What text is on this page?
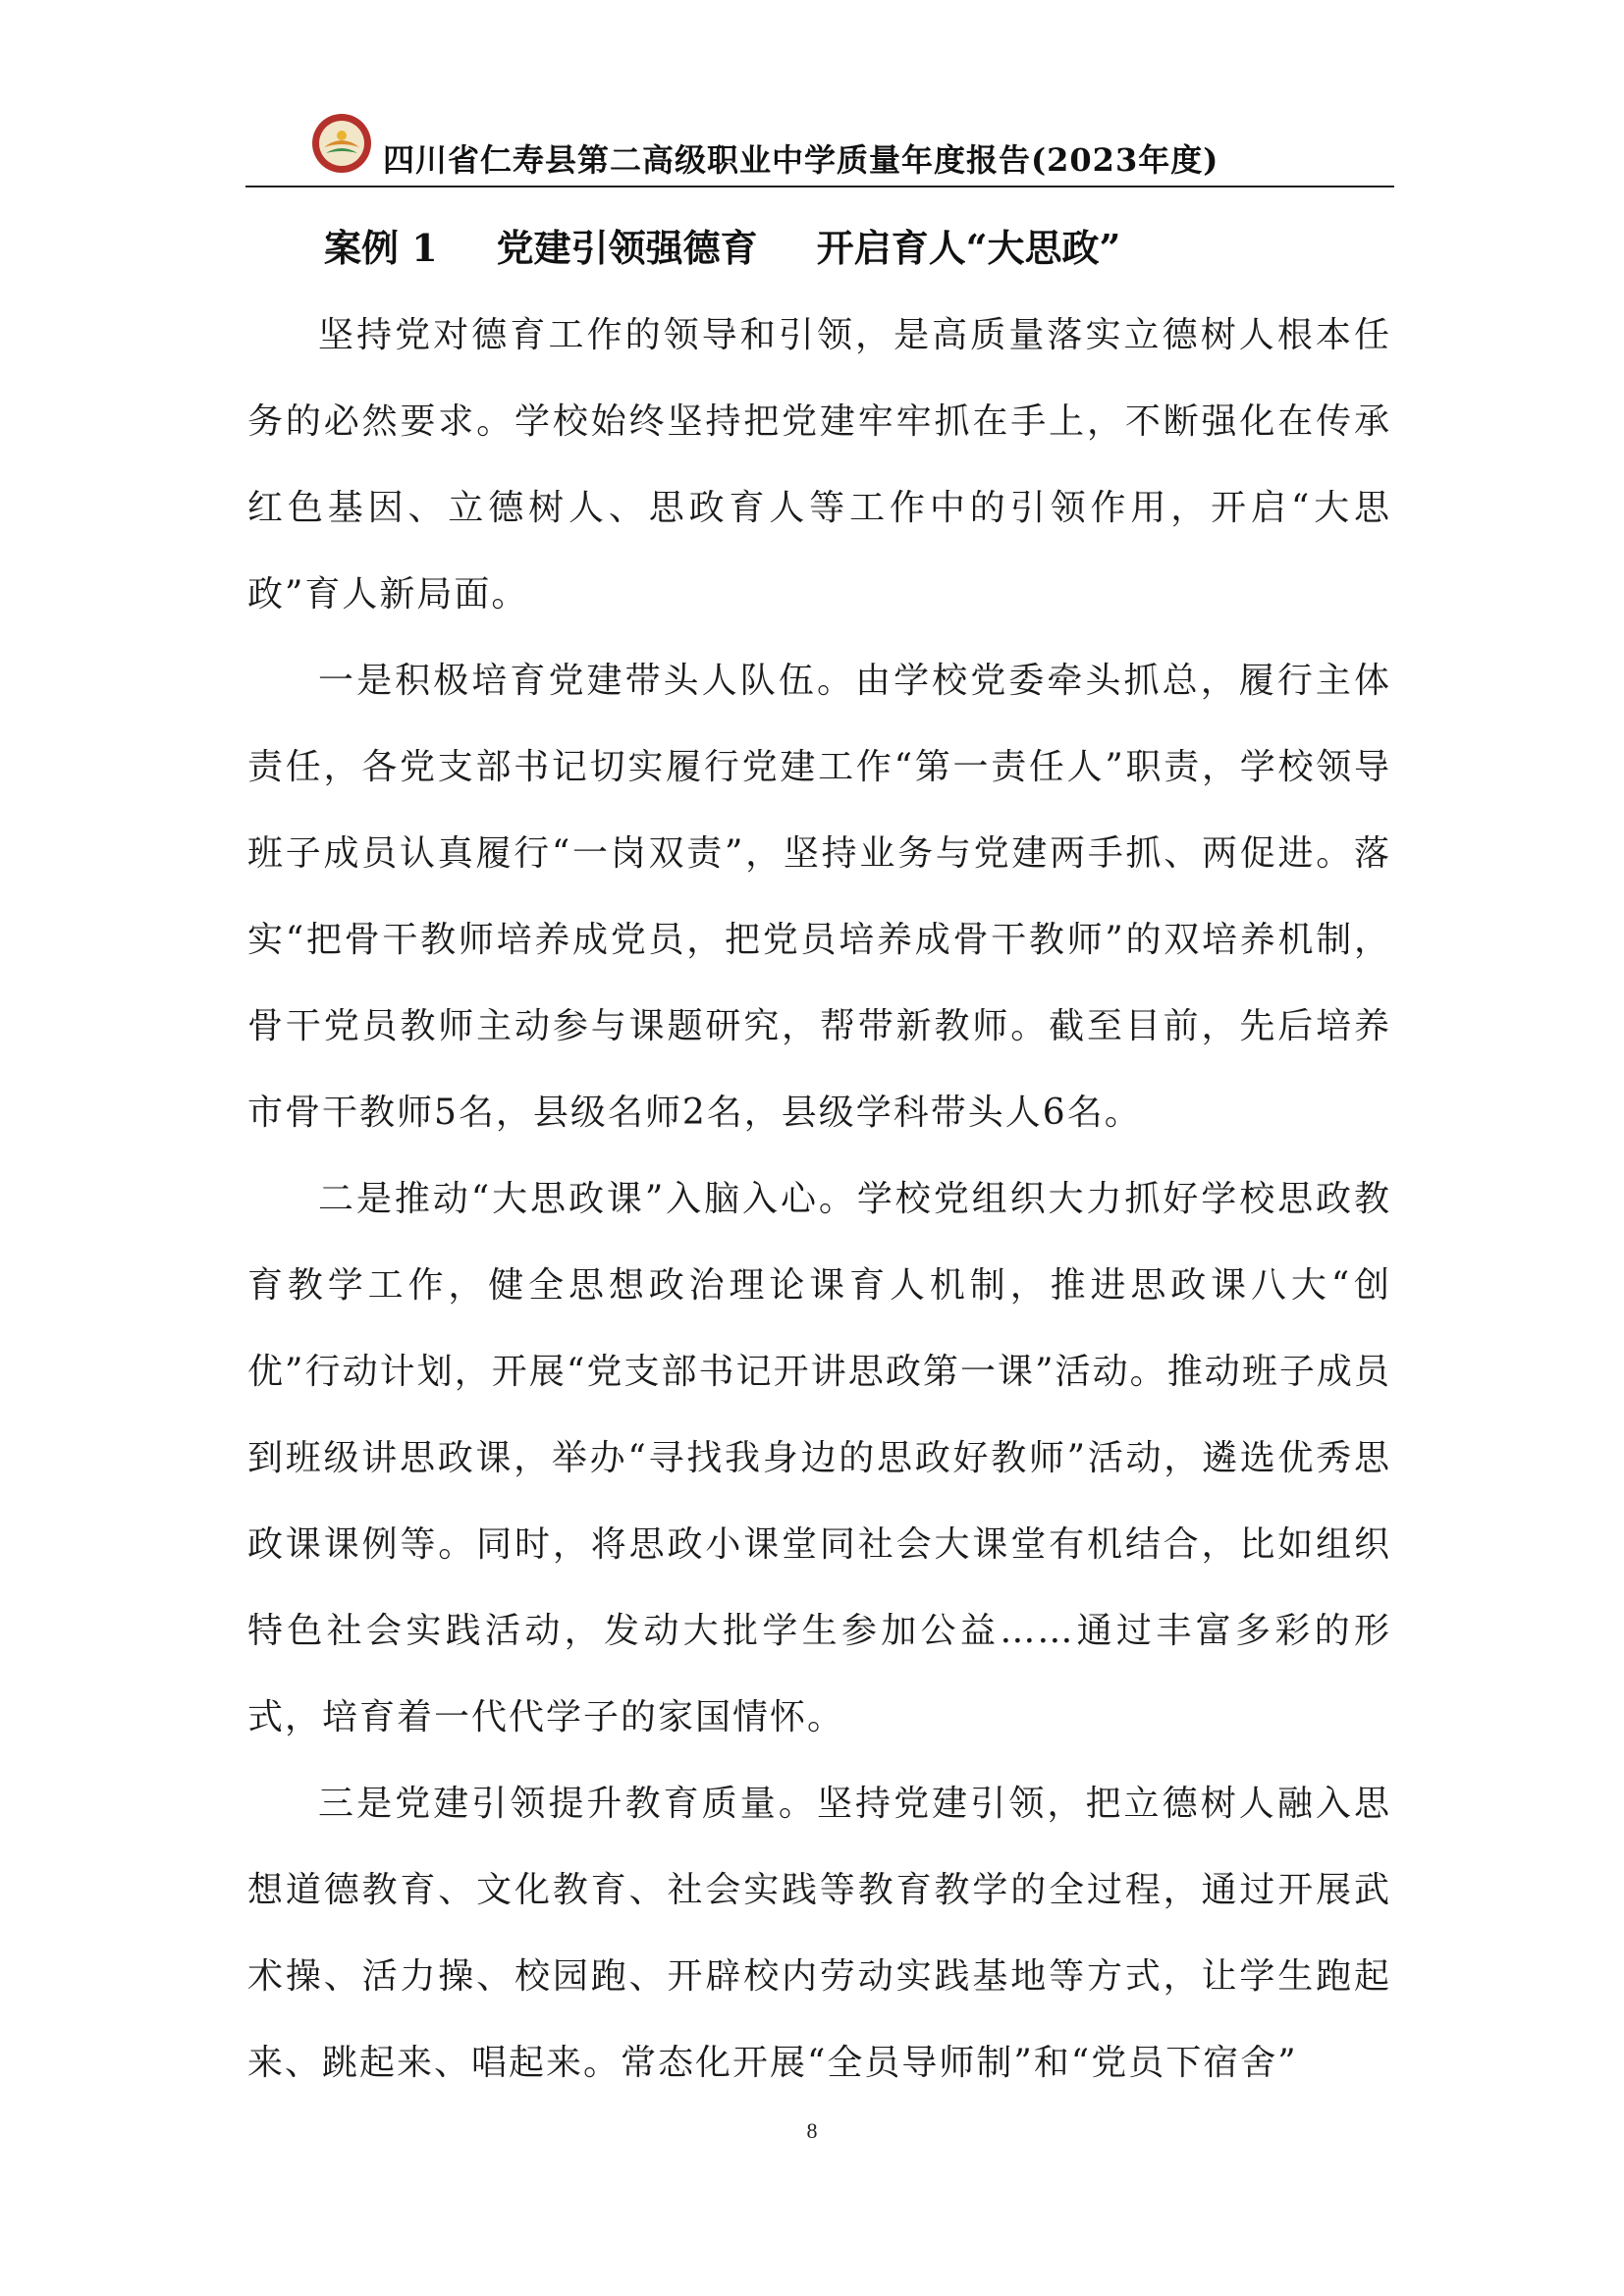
四川省仁寿县第二高级职业中学质量年度报告(2023年度)
案例 1 党建引领强德育 开启育人“大思政”

坚持党对德育工作的领导和引领，是高质量落实立德树人根本任务的必然要求。学校始终坚持把党建牢牢抓在手上，不断强化在传承红色基因、立德树人、思政育人等工作中的引领作用，开启“大思政”育人新局面。

一是积极培育党建带头人队伍。由学校党委牵头抓总，履行主体责任，各党支部书记切实履行党建工作“第一责任人”职责，学校领导班子成员认真履行“一岗双责”，坚持业务与党建两手抓、两促进。落实“把骨干教师培养成党员，把党员培养成骨干教师”的双培养机制，骨干党员教师主动参与课题研究，帮带新教师。截至目前，先后培养市骨干教师5名，县级名师2名，县级学科带头人6名。

二是推动“大思政课”入脑入心。学校党组织大力抓好学校思政教育教学工作，健全思想政治理论课育人机制，推进思政课八大“创优”行动计划，开展“党支部书记开讲思政第一课”活动。推动班子成员到班级讲思政课，举办“寻找我身边的思政好教师”活动，遴选优秀思政课课例等。同时，将思政小课堂同社会大课堂有机结合，比如组织特色社会实践活动，发动大批学生参加公益……通过丰富多彩的形式，培育着一代代学子的家国情怀。

三是党建引领提升教育质量。坚持党建引领，把立德树人融入思想道德教育、文化教育、社会实践等教育教学的全过程，通过开展武术操、活力操、校园跑、开辟校内劳动实践基地等方式，让学生跑起来、跳起来、唱起来。常态化开展“全员导师制”和“党员下宿舍”

8
